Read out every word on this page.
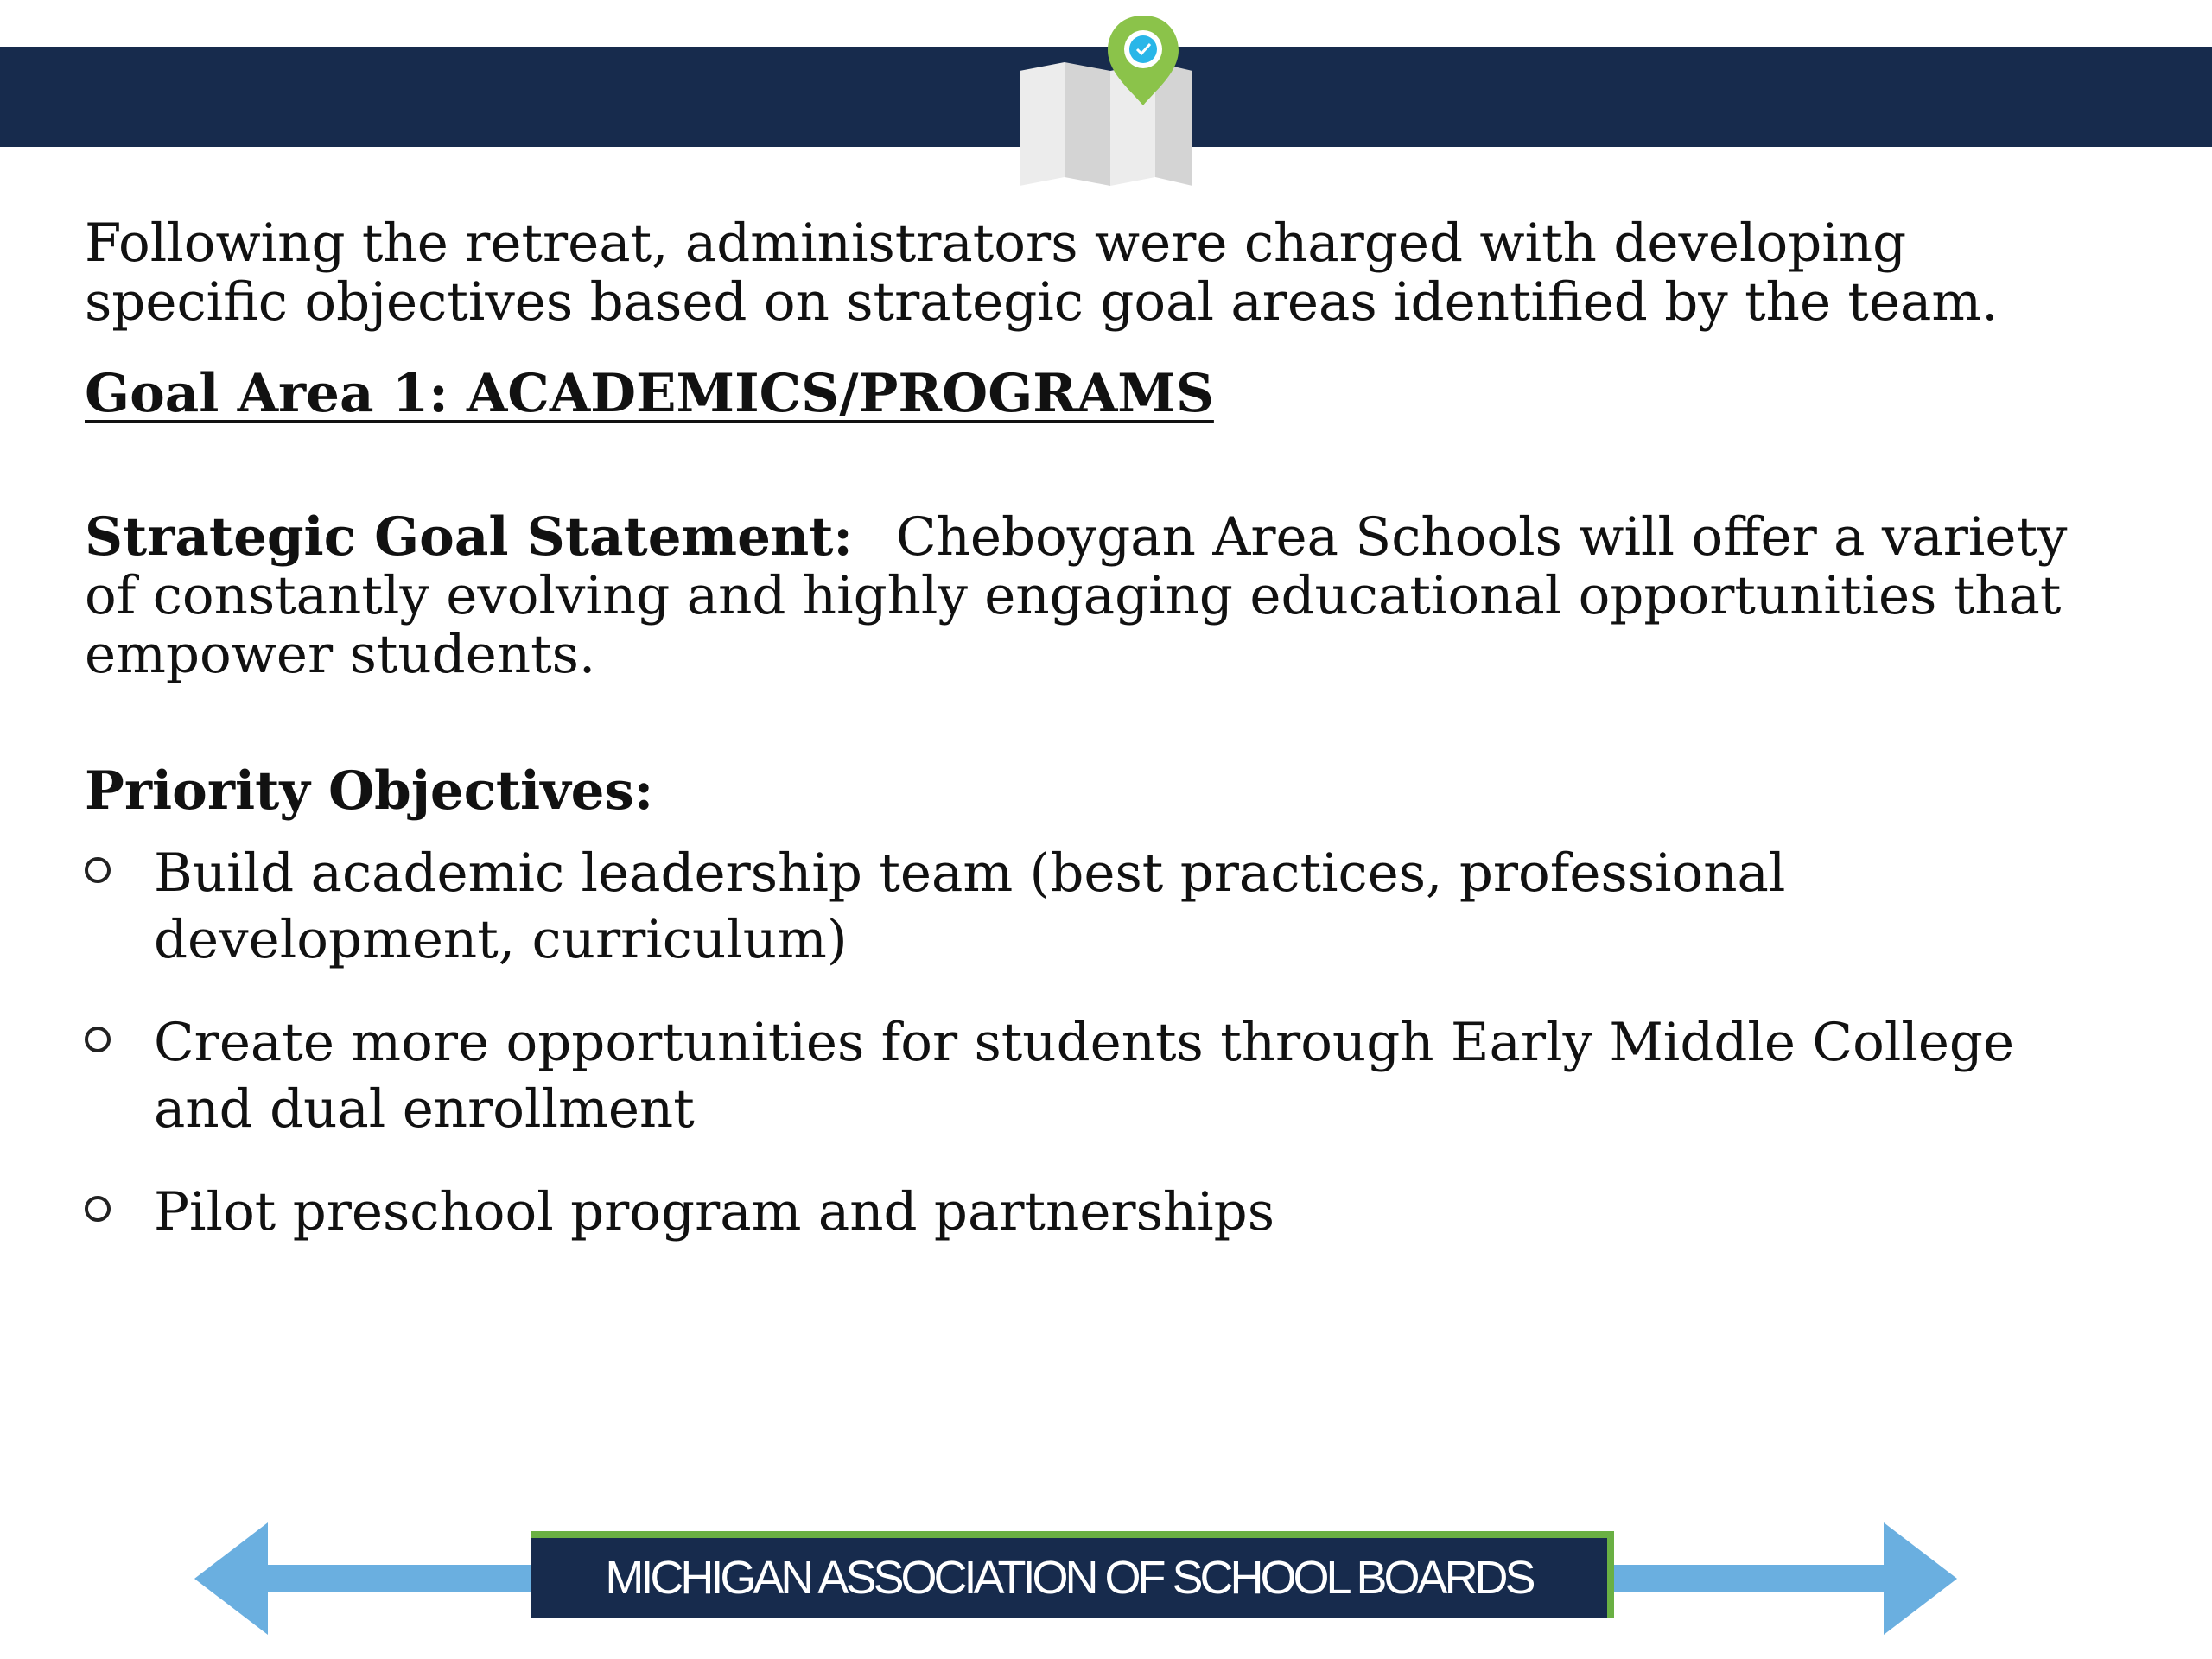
Following the retreat, administrators were charged with developing specific objectives based on strategic goal areas identified by the team.

Goal Area 1: ACADEMICS/PROGRAMS

Strategic Goal Statement: Cheboygan Area Schools will offer a variety of constantly evolving and highly engaging educational opportunities that empower students.

Priority Objectives:
Build academic leadership team (best practices, professional development, curriculum)
Create more opportunities for students through Early Middle College and dual enrollment
Pilot preschool program and partnerships
MICHIGAN ASSOCIATION OF SCHOOL BOARDS
